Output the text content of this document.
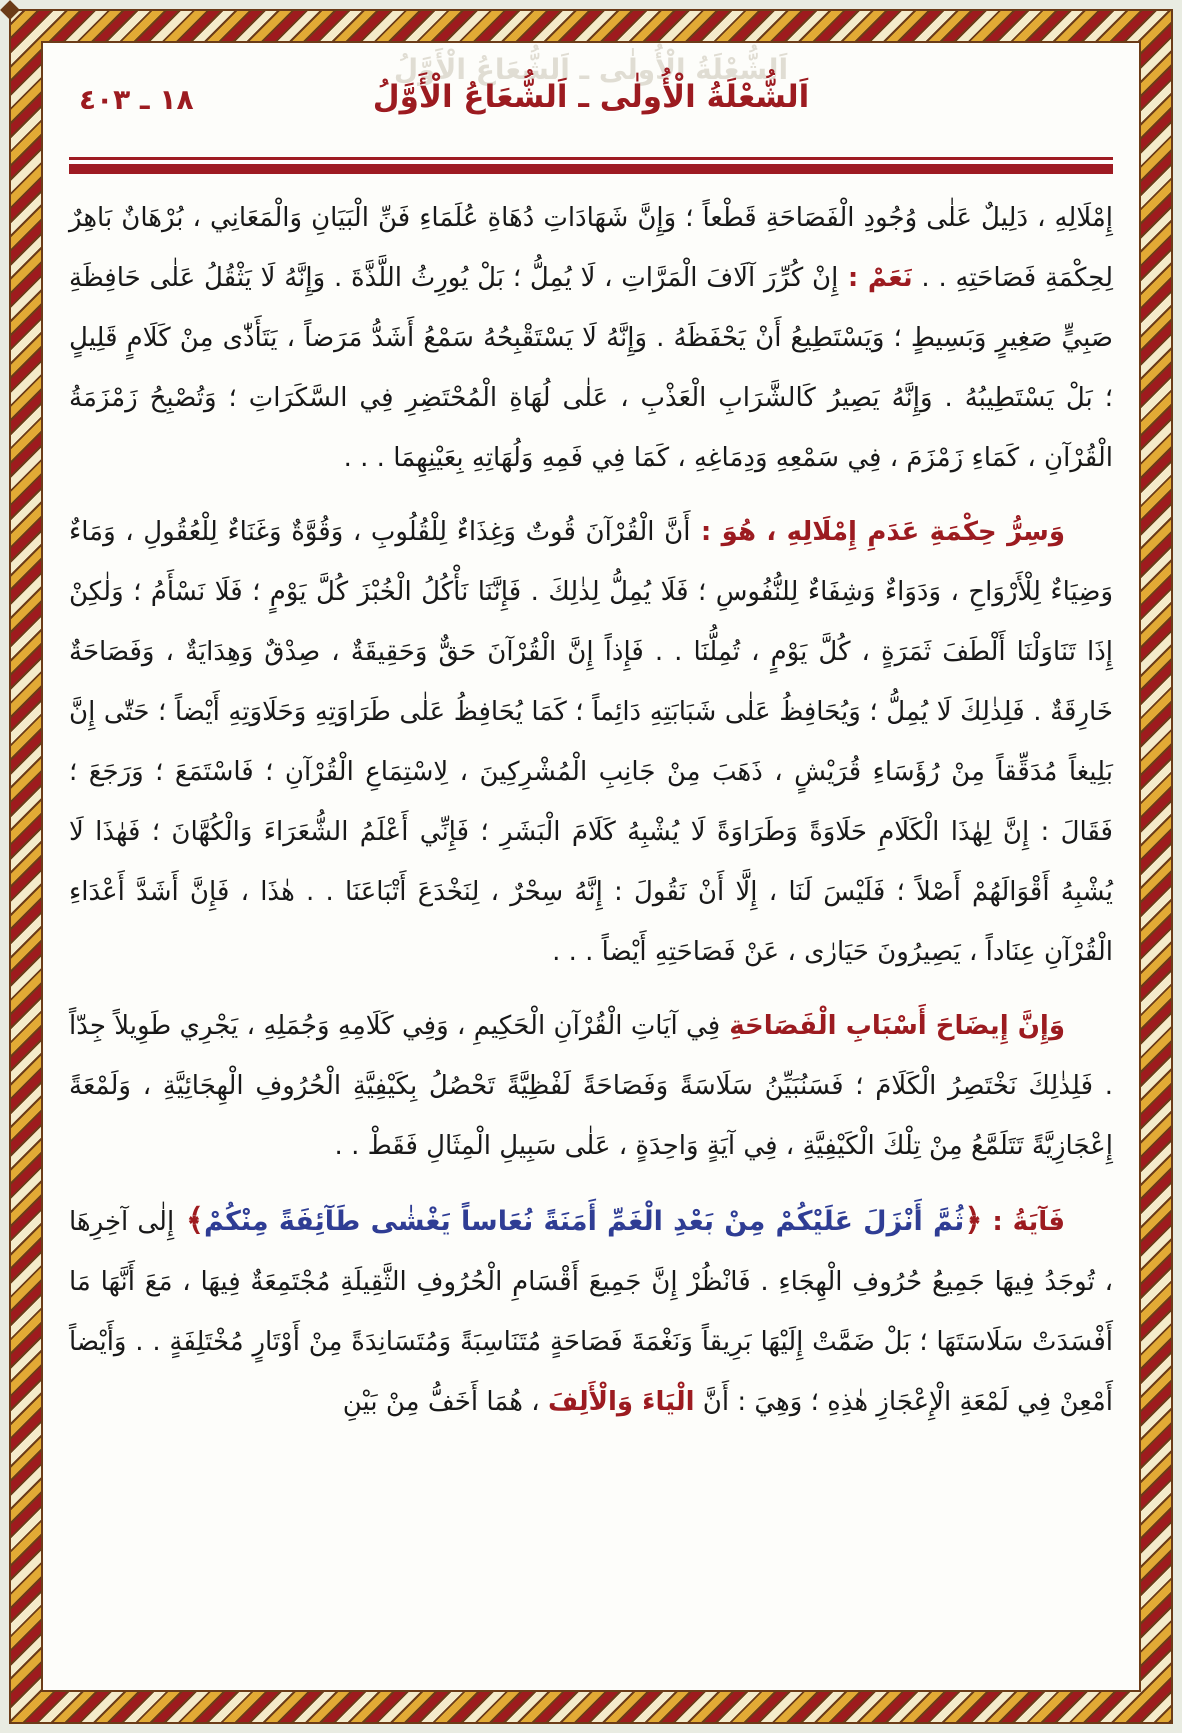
١٨ ـ ٤٠٣
اَلشُّعْلَةُ الْأُولٰى ـ اَلشُّعَاعُ الْأَوَّلُ
اَلشُّعْلَةُ الْأُولٰى ـ اَلشُّعَاعُ الْأَوَّلُ

إِمْلَالِهِ ، دَلِيلٌ عَلٰى وُجُودِ الْفَصَاحَةِ قَطْعاً ؛ وَإِنَّ شَهَادَاتِ دُهَاةِ عُلَمَاءِ فَنِّ الْبَيَانِ وَالْمَعَانِي ، بُرْهَانٌ بَاهِرٌ لِحِكْمَةِ فَصَاحَتِهِ . . نَعَمْ : إِنْ كُرِّرَ آلَافَ الْمَرَّاتِ ، لَا يُمِلُّ ؛ بَلْ يُورِثُ اللَّذَّةَ . وَإِنَّهُ لَا يَثْقُلُ عَلٰى حَافِظَةِ صَبِيٍّ صَغِيرٍ وَبَسِيطٍ ؛ وَيَسْتَطِيعُ أَنْ يَحْفَظَهُ . وَإِنَّهُ لَا يَسْتَقْبِحُهُ سَمْعُ أَشَدُّ مَرَضاً ، يَتَأَذّٰى مِنْ كَلَامٍ قَلِيلٍ ؛ بَلْ يَسْتَطِيبُهُ . وَإِنَّهُ يَصِيرُ كَالشَّرَابِ الْعَذْبِ ، عَلٰى لُهَاةِ الْمُحْتَضِرِ فِي السَّكَرَاتِ ؛ وَتُصْبِحُ زَمْزَمَةُ الْقُرْآنِ ، كَمَاءِ زَمْزَمَ ، فِي سَمْعِهِ وَدِمَاغِهِ ، كَمَا فِي فَمِهِ وَلُهَاتِهِ بِعَيْنِهِمَا . . .

وَسِرُّ حِكْمَةِ عَدَمِ إِمْلَالِهِ ، هُوَ : أَنَّ الْقُرْآنَ قُوتٌ وَغِذَاءٌ لِلْقُلُوبِ ، وَقُوَّةٌ وَغَنَاءٌ لِلْعُقُولِ ، وَمَاءٌ وَضِيَاءٌ لِلْأَرْوَاحِ ، وَدَوَاءٌ وَشِفَاءٌ لِلنُّفُوسِ ؛ فَلَا يُمِلُّ لِذٰلِكَ . فَإِنَّنَا نَأْكُلُ الْخُبْزَ كُلَّ يَوْمٍ ؛ فَلَا نَسْأَمُ ؛ وَلٰكِنْ إِذَا تَنَاوَلْنَا أَلْطَفَ ثَمَرَةٍ ، كُلَّ يَوْمٍ ، تُمِلُّنَا . . فَإِذاً إِنَّ الْقُرْآنَ حَقٌّ وَحَقِيقَةٌ ، صِدْقٌ وَهِدَايَةٌ ، وَفَصَاحَةٌ خَارِقَةٌ . فَلِذٰلِكَ لَا يُمِلُّ ؛ وَيُحَافِظُ عَلٰى شَبَابَتِهِ دَائِماً ؛ كَمَا يُحَافِظُ عَلٰى طَرَاوَتِهِ وَحَلَاوَتِهِ أَيْضاً ؛ حَتّٰى إِنَّ بَلِيغاً مُدَقِّقاً مِنْ رُؤَسَاءِ قُرَيْشٍ ، ذَهَبَ مِنْ جَانِبِ الْمُشْرِكِينَ ، لِاسْتِمَاعِ الْقُرْآنِ ؛ فَاسْتَمَعَ ؛ وَرَجَعَ ؛ فَقَالَ : إِنَّ لِهٰذَا الْكَلَامِ حَلَاوَةً وَطَرَاوَةً لَا يُشْبِهُ كَلَامَ الْبَشَرِ ؛ فَإِنِّي أَعْلَمُ الشُّعَرَاءَ وَالْكُهَّانَ ؛ فَهٰذَا لَا يُشْبِهُ أَقْوَالَهُمْ أَصْلاً ؛ فَلَيْسَ لَنَا ، إِلَّا أَنْ نَقُولَ : إِنَّهُ سِحْرٌ ، لِنَخْدَعَ أَتْبَاعَنَا . . هٰذَا ، فَإِنَّ أَشَدَّ أَعْدَاءِ الْقُرْآنِ عِنَاداً ، يَصِيرُونَ حَيَارٰى ، عَنْ فَصَاحَتِهِ أَيْضاً . . .

وَإِنَّ إِيضَاحَ أَسْبَابِ الْفَصَاحَةِ فِي آيَاتِ الْقُرْآنِ الْحَكِيمِ ، وَفِي كَلَامِهِ وَجُمَلِهِ ، يَجْرِي طَوِيلاً جِدّاً . فَلِذٰلِكَ نَخْتَصِرُ الْكَلَامَ ؛ فَسَنُبَيِّنُ سَلَاسَةً وَفَصَاحَةً لَفْظِيَّةً تَحْصُلُ بِكَيْفِيَّةِ الْحُرُوفِ الْهِجَائِيَّةِ ، وَلَمْعَةً إِعْجَازِيَّةً تَتَلَمَّعُ مِنْ تِلْكَ الْكَيْفِيَّةِ ، فِي آيَةٍ وَاحِدَةٍ ، عَلٰى سَبِيلِ الْمِثَالِ فَقَطْ . .

فَآيَةُ : ﴿ثُمَّ أَنْزَلَ عَلَيْكُمْ مِنْ بَعْدِ الْغَمِّ أَمَنَةً نُعَاساً يَغْشٰى طَآئِفَةً مِنْكُمْ﴾ إِلٰى آخِرِهَا ، تُوجَدُ فِيهَا جَمِيعُ حُرُوفِ الْهِجَاءِ . فَانْظُرْ إِنَّ جَمِيعَ أَقْسَامِ الْحُرُوفِ الثَّقِيلَةِ مُجْتَمِعَةٌ فِيهَا ، مَعَ أَنَّهَا مَا أَفْسَدَتْ سَلَاسَتَهَا ؛ بَلْ ضَمَّتْ إِلَيْهَا بَرِيقاً وَنَغْمَةَ فَصَاحَةٍ مُتَنَاسِبَةً وَمُتَسَانِدَةً مِنْ أَوْتَارٍ مُخْتَلِفَةٍ . . وَأَيْضاً أَمْعِنْ فِي لَمْعَةِ الْإِعْجَازِ هٰذِهِ ؛ وَهِيَ : أَنَّ الْيَاءَ وَالْأَلِفَ ، هُمَا أَخَفُّ مِنْ بَيْنِ
